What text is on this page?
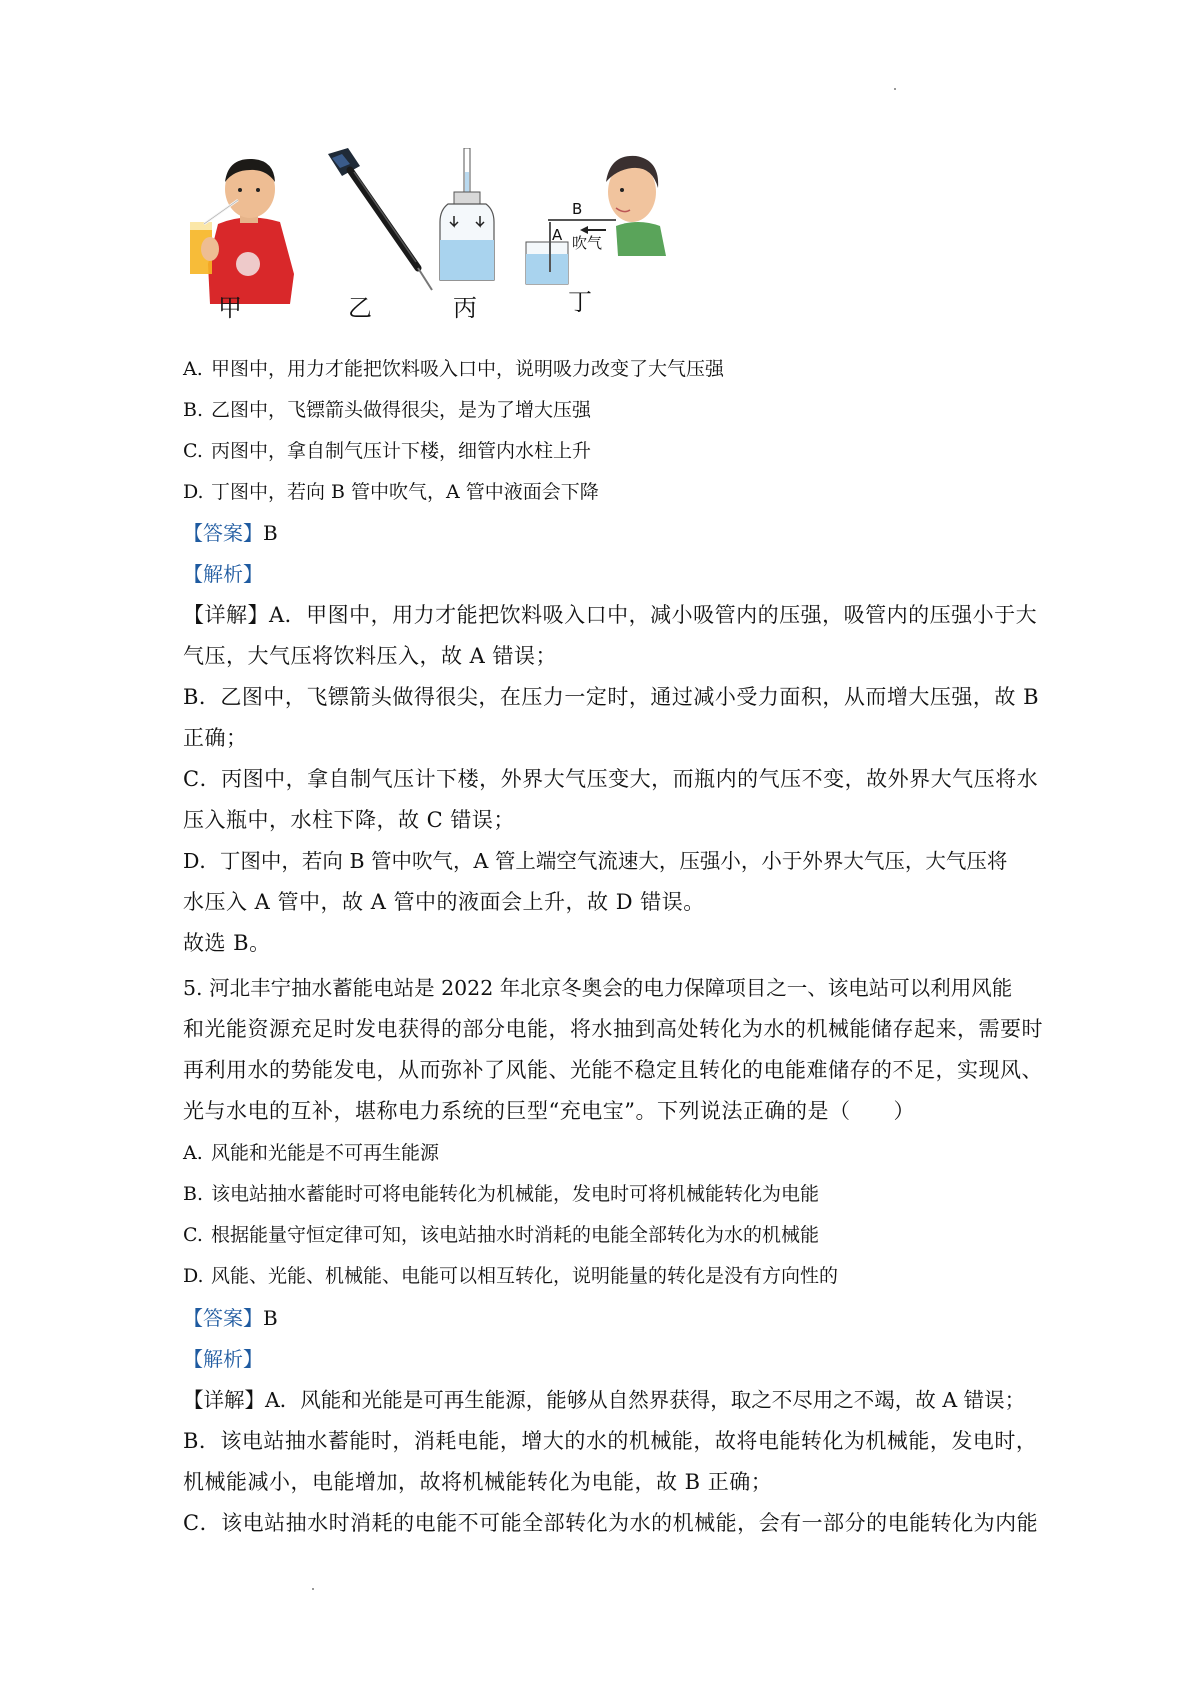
甲	乙	丙
B
A 吹气
丁
A. 甲图中，用力才能把饮料吸入口中，说明吸力改变了大气压强
B. 乙图中，飞镖箭头做得很尖，是为了增大压强
C. 丙图中，拿自制气压计下楼，细管内水柱上升
D. 丁图中，若向 B 管中吹气，A 管中液面会下降
【答案】B
【解析】
【详解】A．甲图中，用力才能把饮料吸入口中，减小吸管内的压强，吸管内的压强小于大
气压，大气压将饮料压入，故 A 错误；
B．乙图中，飞镖箭头做得很尖，在压力一定时，通过减小受力面积，从而增大压强，故 B
正确；
C．丙图中，拿自制气压计下楼，外界大气压变大，而瓶内的气压不变，故外界大气压将水
压入瓶中，水柱下降，故 C 错误；
D．丁图中，若向 B 管中吹气，A 管上端空气流速大，压强小，小于外界大气压，大气压将
水压入 A 管中，故 A 管中的液面会上升，故 D 错误。
故选 B。
5. 河北丰宁抽水蓄能电站是 2022 年北京冬奥会的电力保障项目之一、该电站可以利用风能
和光能资源充足时发电获得的部分电能，将水抽到高处转化为水的机械能储存起来，需要时
再利用水的势能发电，从而弥补了风能、光能不稳定且转化的电能难储存的不足，实现风、
光与水电的互补，堪称电力系统的巨型“充电宝”。下列说法正确的是（　　）
A. 风能和光能是不可再生能源
B. 该电站抽水蓄能时可将电能转化为机械能，发电时可将机械能转化为电能
C. 根据能量守恒定律可知，该电站抽水时消耗的电能全部转化为水的机械能
D. 风能、光能、机械能、电能可以相互转化，说明能量的转化是没有方向性的
【答案】B
【解析】
【详解】A．风能和光能是可再生能源，能够从自然界获得，取之不尽用之不竭，故 A 错误；
B．该电站抽水蓄能时，消耗电能，增大的水的机械能，故将电能转化为机械能，发电时，
机械能减小，电能增加，故将机械能转化为电能，故 B 正确；
C．该电站抽水时消耗的电能不可能全部转化为水的机械能，会有一部分的电能转化为内能
